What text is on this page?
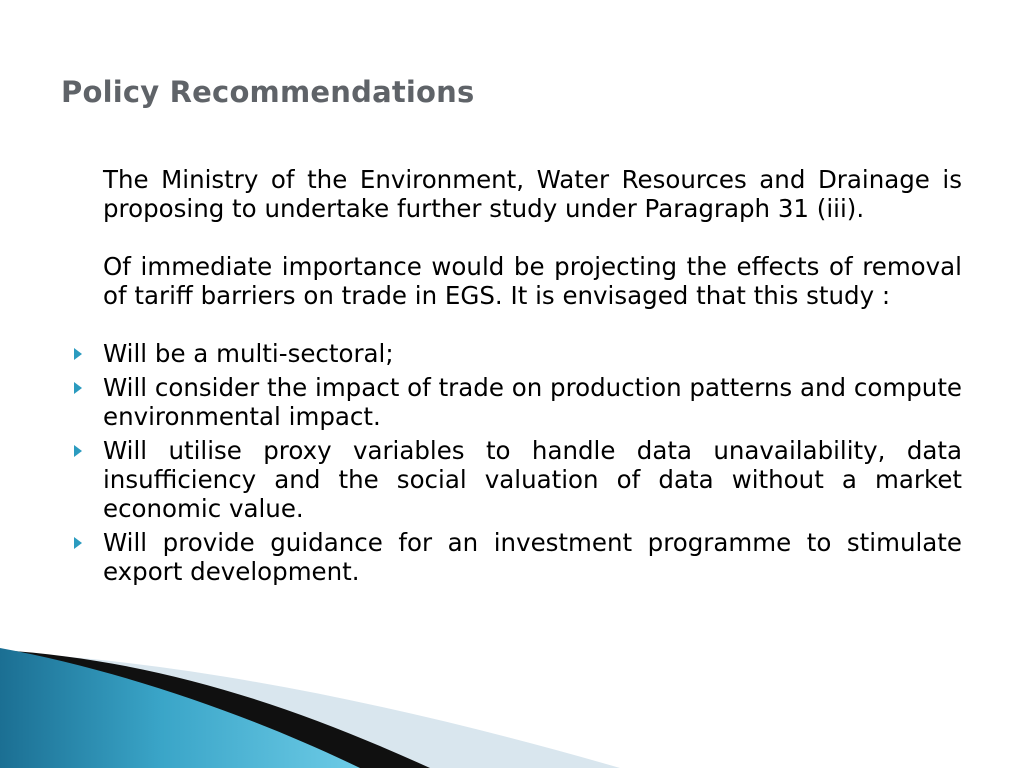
Policy Recommendations

The Ministry of the Environment, Water Resources and Drainage is proposing to undertake further study under Paragraph 31 (iii).

Of immediate importance would be projecting the effects of removal of tariff barriers on trade in EGS. It is envisaged that this study :

Will be a multi-sectoral;
Will consider the impact of trade on production patterns and compute environmental impact.
Will utilise proxy variables to handle data unavailability, data insufficiency and the social valuation of data without a market economic value.
Will provide guidance for an investment programme to stimulate export development.
